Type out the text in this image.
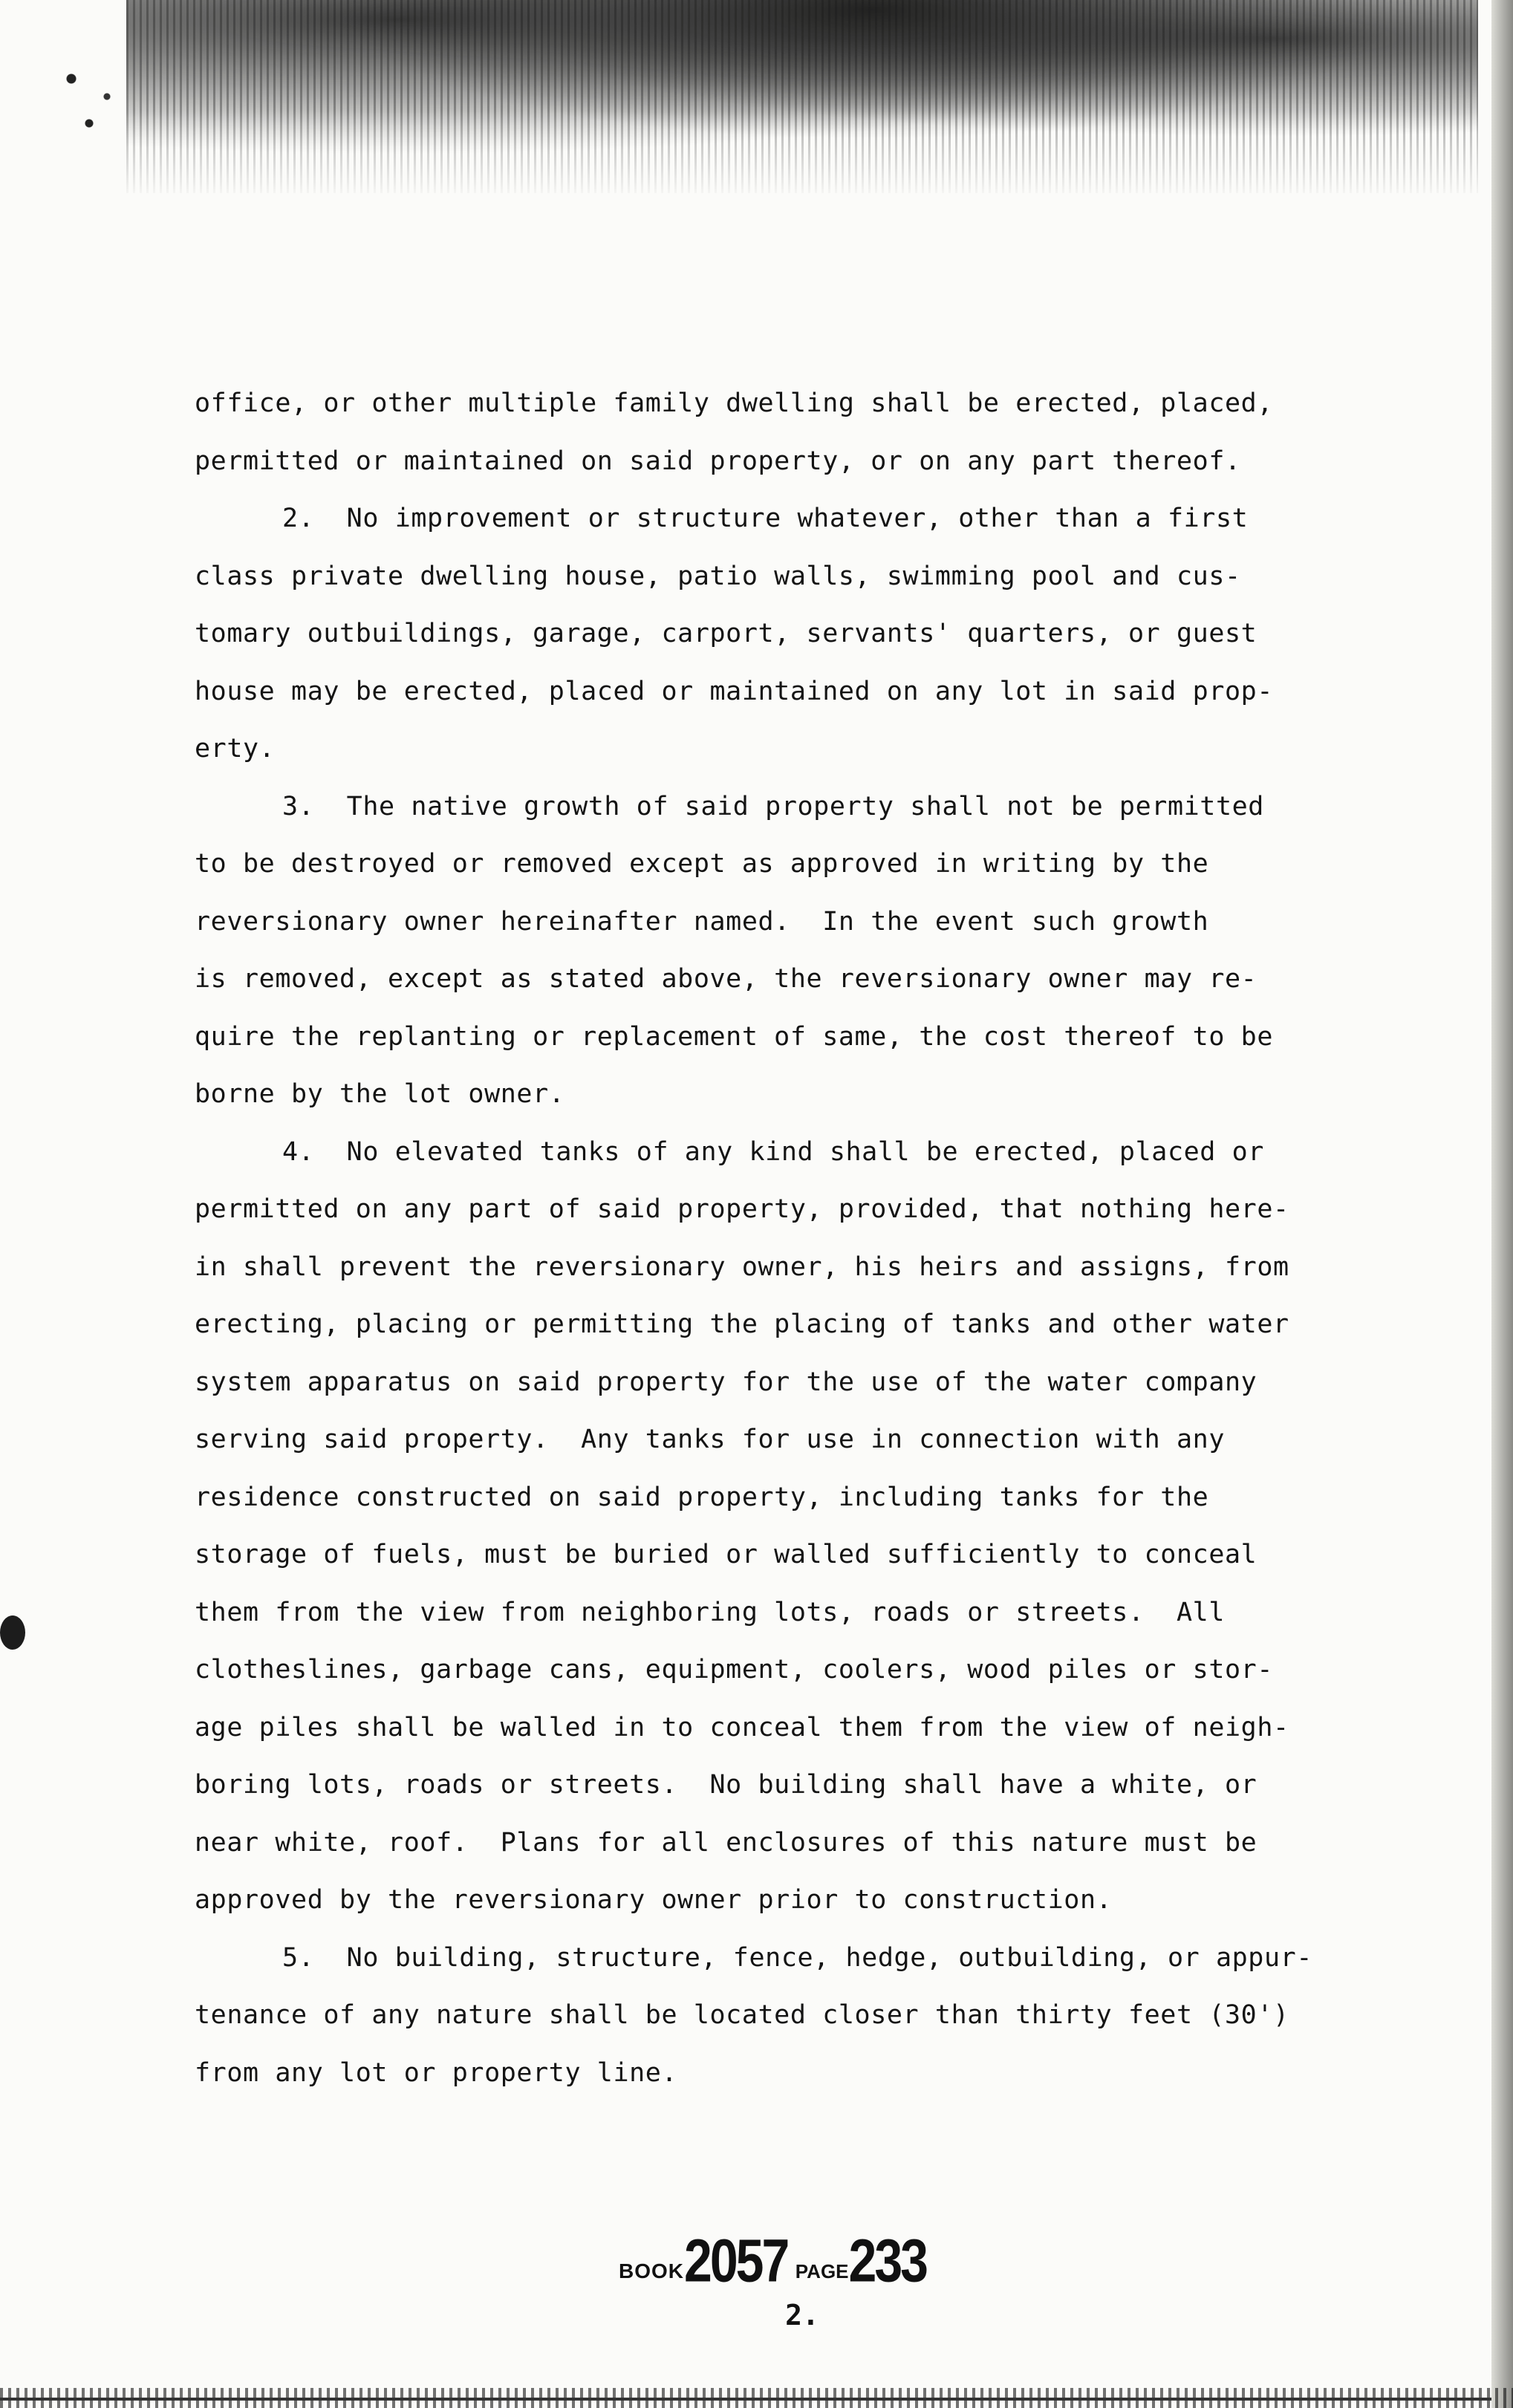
office, or other multiple family dwelling shall be erected, placed,
permitted or maintained on said property, or on any part thereof.
2.  No improvement or structure whatever, other than a first
class private dwelling house, patio walls, swimming pool and cus-
tomary outbuildings, garage, carport, servants' quarters, or guest
house may be erected, placed or maintained on any lot in said prop-
erty.
3.  The native growth of said property shall not be permitted
to be destroyed or removed except as approved in writing by the
reversionary owner hereinafter named.  In the event such growth
is removed, except as stated above, the reversionary owner may re-
quire the replanting or replacement of same, the cost thereof to be
borne by the lot owner.
4.  No elevated tanks of any kind shall be erected, placed or
permitted on any part of said property, provided, that nothing here-
in shall prevent the reversionary owner, his heirs and assigns, from
erecting, placing or permitting the placing of tanks and other water
system apparatus on said property for the use of the water company
serving said property.  Any tanks for use in connection with any
residence constructed on said property, including tanks for the
storage of fuels, must be buried or walled sufficiently to conceal
them from the view from neighboring lots, roads or streets.  All
clotheslines, garbage cans, equipment, coolers, wood piles or stor-
age piles shall be walled in to conceal them from the view of neigh-
boring lots, roads or streets.  No building shall have a white, or
near white, roof.  Plans for all enclosures of this nature must be
approved by the reversionary owner prior to construction.
5.  No building, structure, fence, hedge, outbuilding, or appur-
tenance of any nature shall be located closer than thirty feet (30')
from any lot or property line.
BOOK2057 PAGE233
2.
